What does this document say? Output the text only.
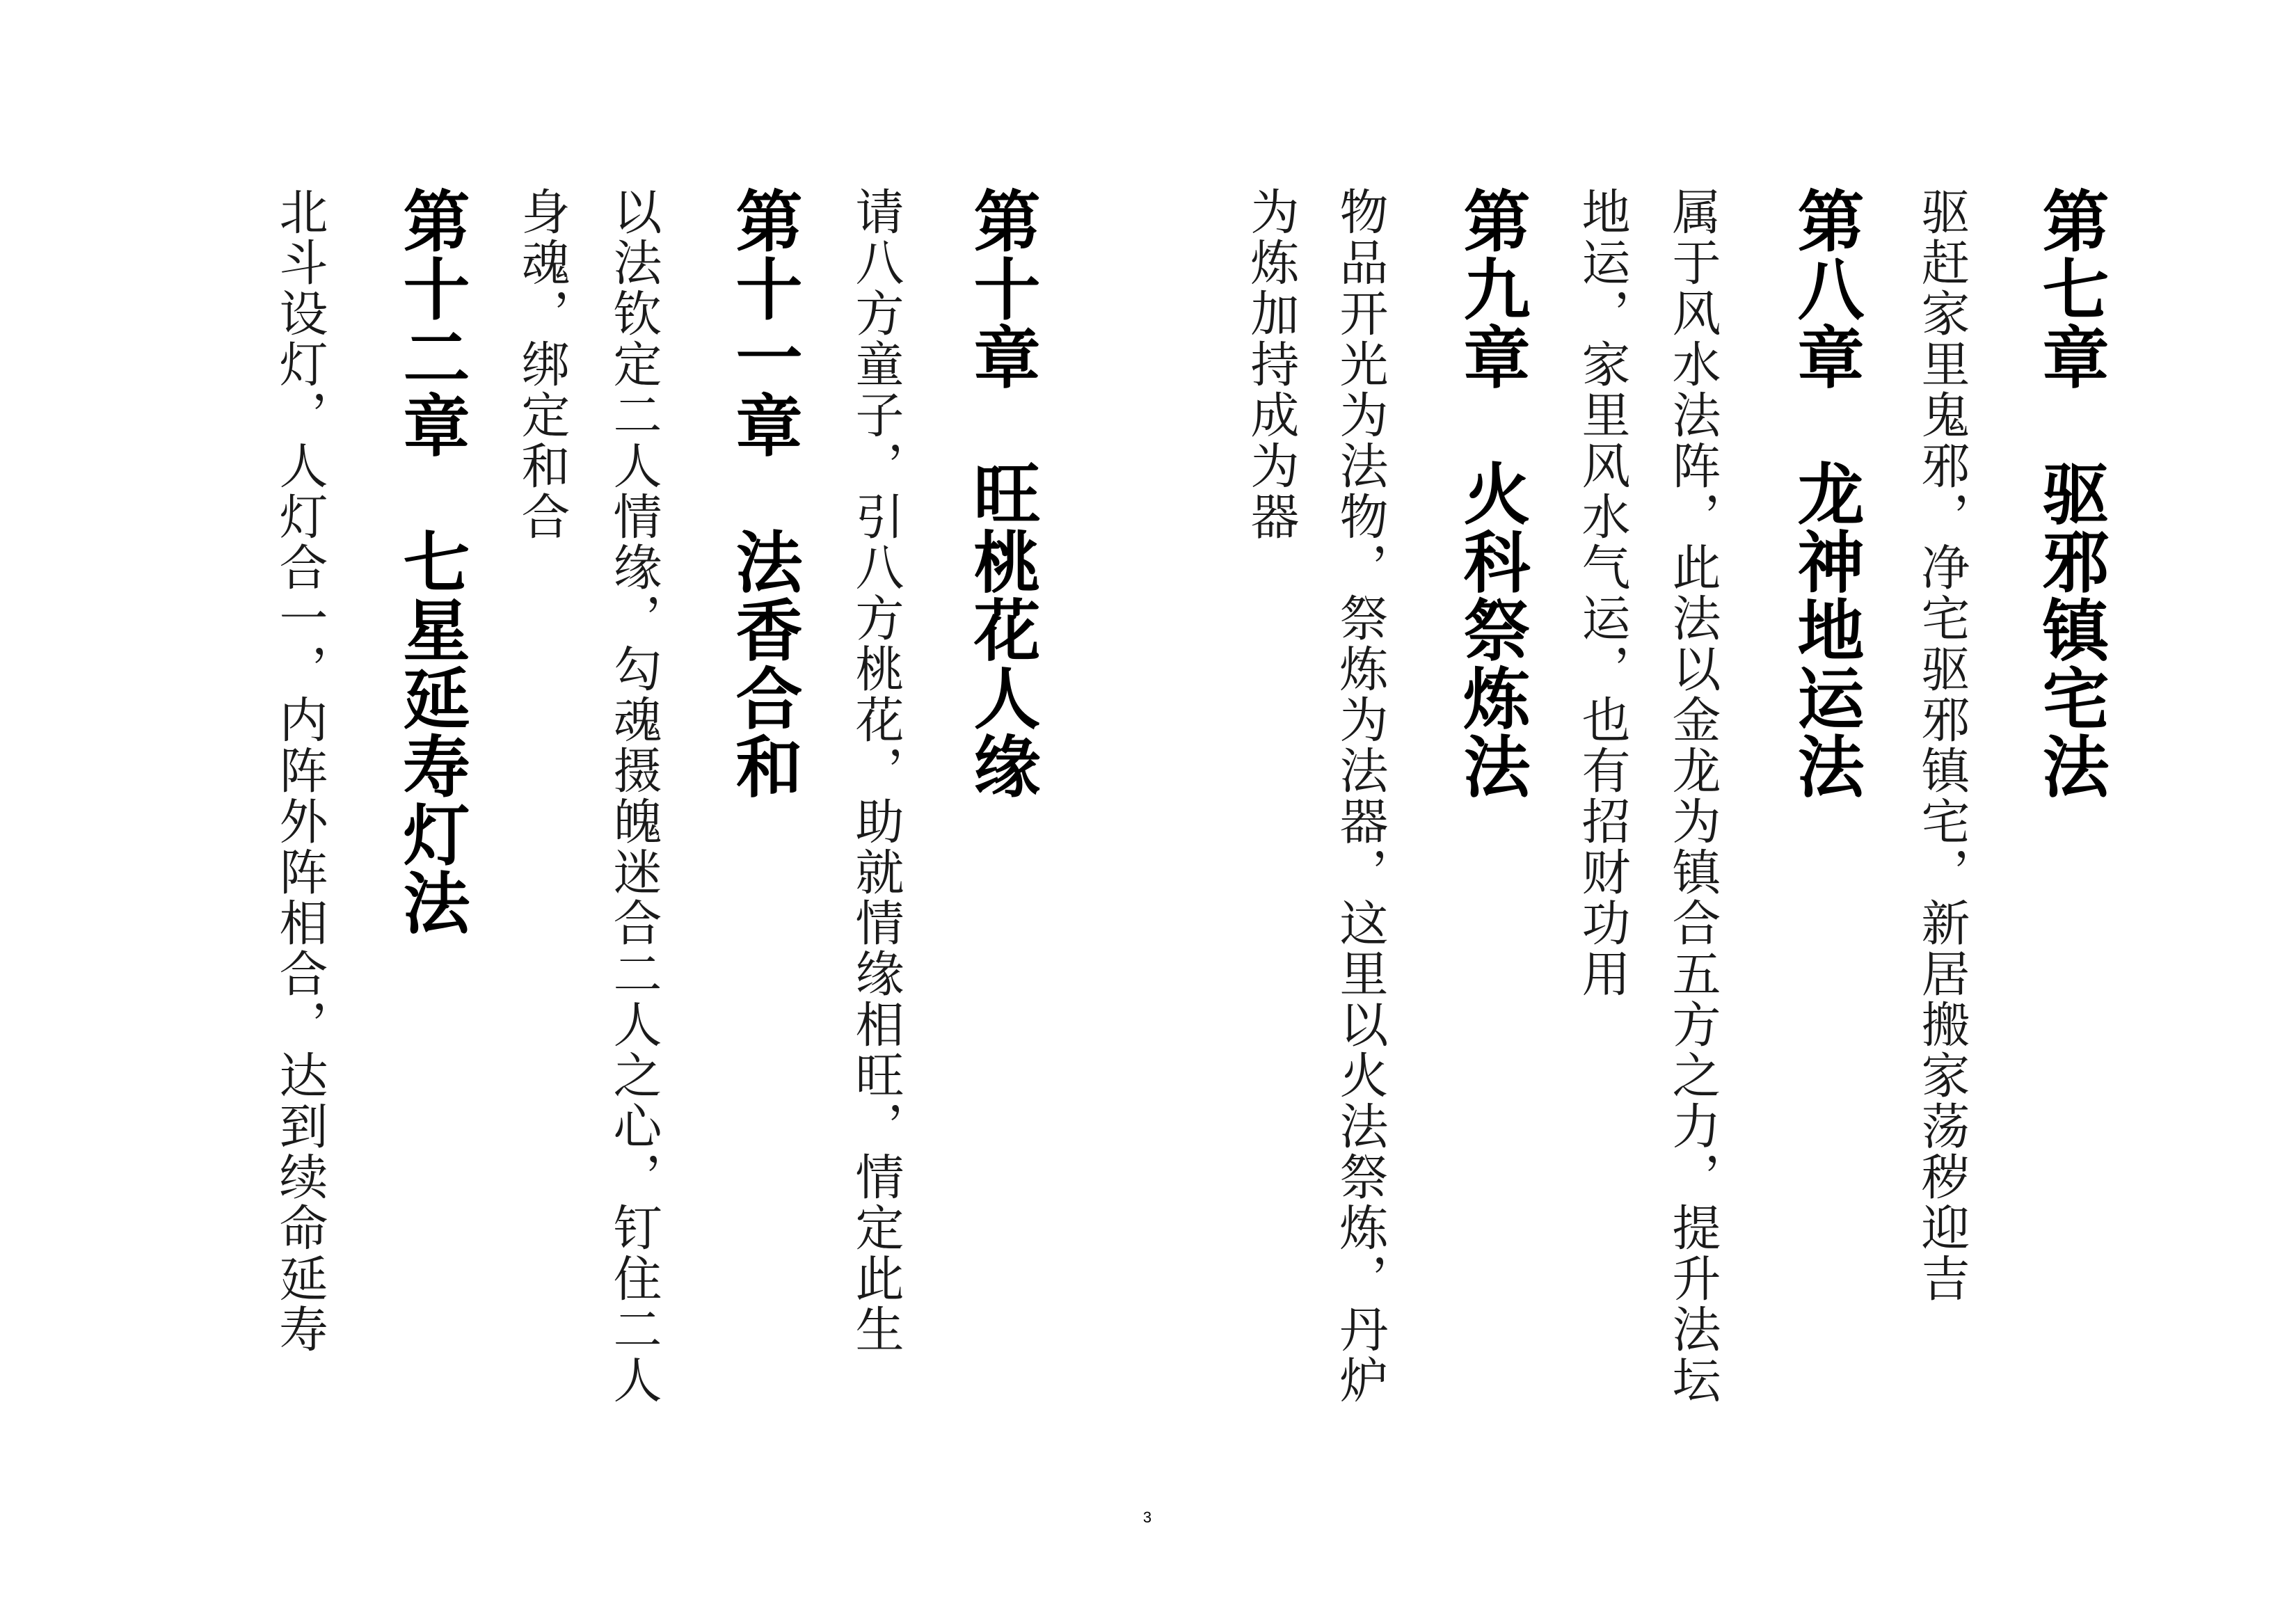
第七章　驱邪镇宅法
驱赶家里鬼邪，净宅驱邪镇宅，新居搬家荡秽迎吉
第八章　龙神地运法
属于风水法阵，此法以金龙为镇合五方之力，提升法坛
地运，家里风水气运，也有招财功用
第九章　火科祭炼法
物品开光为法物，祭炼为法器，这里以火法祭炼，丹炉
为炼加持成为器
第十章　旺桃花人缘
请八方童子，引八方桃花，助就情缘相旺，情定此生
第十一章　法香合和
以法钦定二人情缘，勾魂摄魄迷合二人之心，钉住二人
身魂，绑定和合
第十二章　七星延寿灯法
北斗设灯，人灯合一，内阵外阵相合，达到续命延寿
3
